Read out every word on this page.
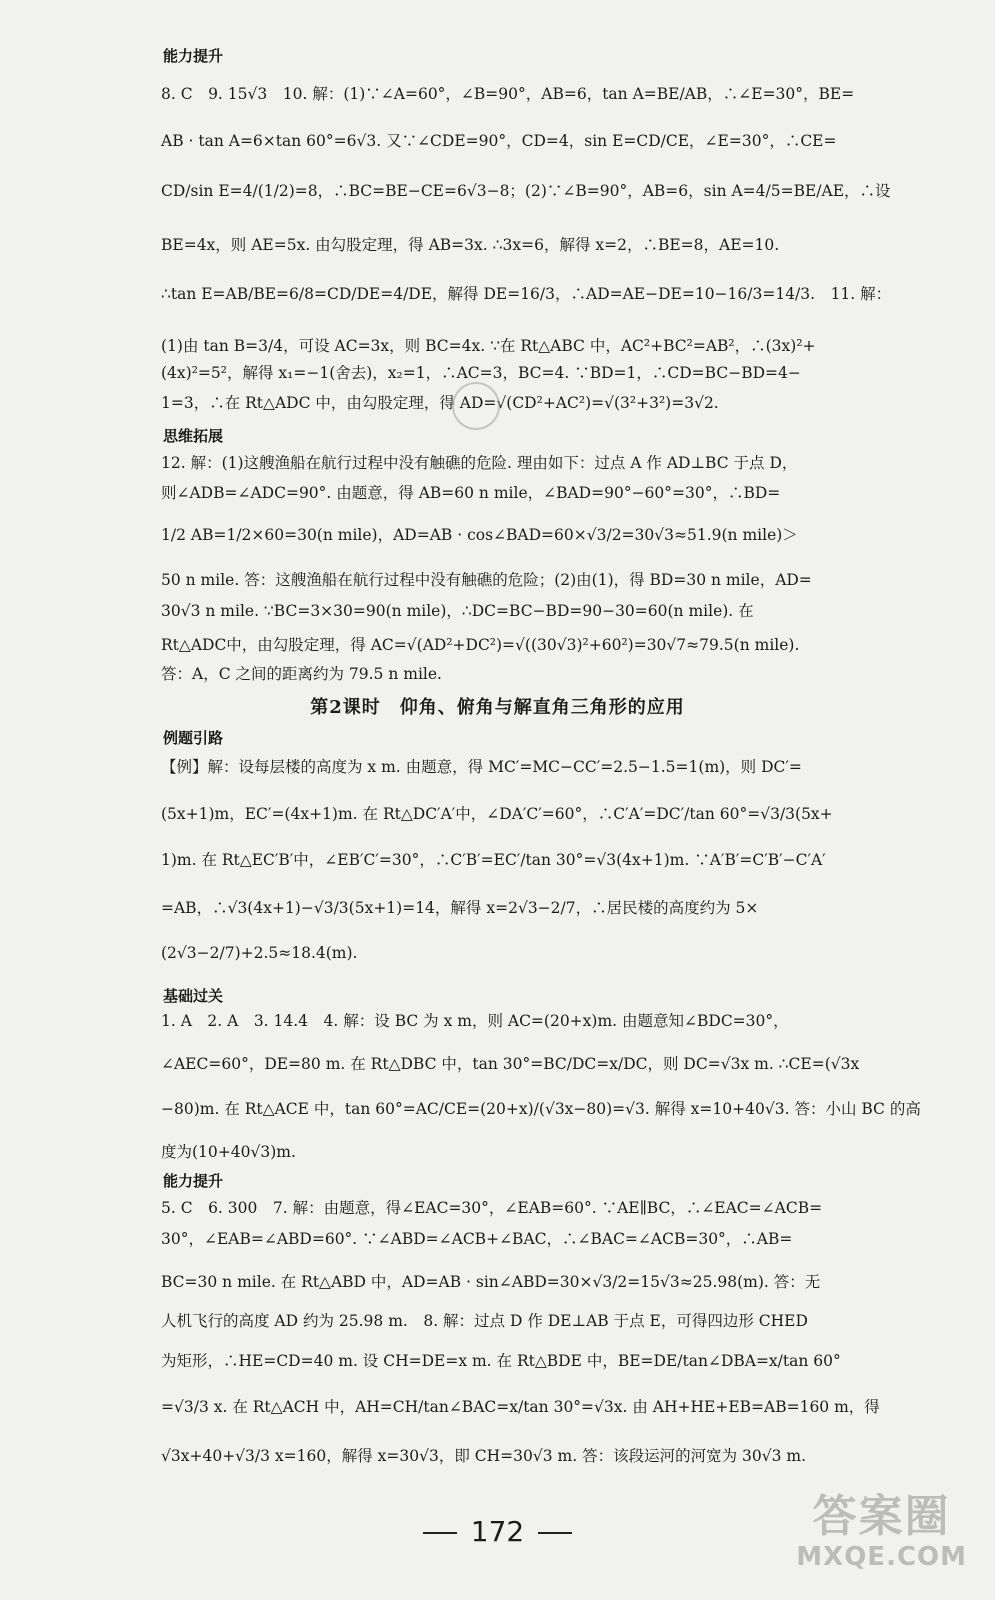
能力提升
8. C　9. 15√3　10. 解：(1)∵∠A=60°，∠B=90°，AB=6，tan A=BE/AB，∴∠E=30°，BE=
AB · tan A=6×tan 60°=6√3. 又∵∠CDE=90°，CD=4，sin E=CD/CE，∠E=30°，∴CE=
CD/sin E=4/(1/2)=8，∴BC=BE−CE=6√3−8；(2)∵∠B=90°，AB=6，sin A=4/5=BE/AE，∴设
BE=4x，则 AE=5x. 由勾股定理，得 AB=3x. ∴3x=6，解得 x=2，∴BE=8，AE=10.
∴tan E=AB/BE=6/8=CD/DE=4/DE，解得 DE=16/3，∴AD=AE−DE=10−16/3=14/3.　11. 解：
(1)由 tan B=3/4，可设 AC=3x，则 BC=4x. ∵在 Rt△ABC 中，AC²+BC²=AB²，∴(3x)²+
(4x)²=5²，解得 x₁=−1(舍去)，x₂=1，∴AC=3，BC=4. ∵BD=1，∴CD=BC−BD=4−
1=3，∴在 Rt△ADC 中，由勾股定理，得 AD=√(CD²+AC²)=√(3²+3²)=3√2.
思维拓展
12. 解：(1)这艘渔船在航行过程中没有触礁的危险. 理由如下：过点 A 作 AD⊥BC 于点 D，
则∠ADB=∠ADC=90°. 由题意，得 AB=60 n mile，∠BAD=90°−60°=30°，∴BD=
1/2 AB=1/2×60=30(n mile)，AD=AB · cos∠BAD=60×√3/2=30√3≈51.9(n mile)＞
50 n mile. 答：这艘渔船在航行过程中没有触礁的危险；(2)由(1)，得 BD=30 n mile，AD=
30√3 n mile. ∵BC=3×30=90(n mile)，∴DC=BC−BD=90−30=60(n mile). 在
Rt△ADC中，由勾股定理，得 AC=√(AD²+DC²)=√((30√3)²+60²)=30√7≈79.5(n mile).
答：A，C 之间的距离约为 79.5 n mile.
第2课时　仰角、俯角与解直角三角形的应用
例题引路
【例】解：设每层楼的高度为 x m. 由题意，得 MC′=MC−CC′=2.5−1.5=1(m)，则 DC′=
(5x+1)m，EC′=(4x+1)m. 在 Rt△DC′A′中，∠DA′C′=60°，∴C′A′=DC′/tan 60°=√3/3(5x+
1)m. 在 Rt△EC′B′中，∠EB′C′=30°，∴C′B′=EC′/tan 30°=√3(4x+1)m. ∵A′B′=C′B′−C′A′
=AB，∴√3(4x+1)−√3/3(5x+1)=14，解得 x=2√3−2/7，∴居民楼的高度约为 5×
(2√3−2/7)+2.5≈18.4(m).
基础过关
1. A　2. A　3. 14.4　4. 解：设 BC 为 x m，则 AC=(20+x)m. 由题意知∠BDC=30°，
∠AEC=60°，DE=80 m. 在 Rt△DBC 中，tan 30°=BC/DC=x/DC，则 DC=√3x m. ∴CE=(√3x
−80)m. 在 Rt△ACE 中，tan 60°=AC/CE=(20+x)/(√3x−80)=√3. 解得 x=10+40√3. 答：小山 BC 的高
度为(10+40√3)m.
能力提升
5. C　6. 300　7. 解：由题意，得∠EAC=30°，∠EAB=60°. ∵AE∥BC，∴∠EAC=∠ACB=
30°，∠EAB=∠ABD=60°. ∵∠ABD=∠ACB+∠BAC，∴∠BAC=∠ACB=30°，∴AB=
BC=30 n mile. 在 Rt△ABD 中，AD=AB · sin∠ABD=30×√3/2=15√3≈25.98(m). 答：无
人机飞行的高度 AD 约为 25.98 m.　8. 解：过点 D 作 DE⊥AB 于点 E，可得四边形 CHED
为矩形，∴HE=CD=40 m. 设 CH=DE=x m. 在 Rt△BDE 中，BE=DE/tan∠DBA=x/tan 60°
=√3/3 x. 在 Rt△ACH 中，AH=CH/tan∠BAC=x/tan 30°=√3x. 由 AH+HE+EB=AB=160 m，得
√3x+40+√3/3 x=160，解得 x=30√3，即 CH=30√3 m. 答：该段运河的河宽为 30√3 m.
172	答案圈
MXQE.COM
